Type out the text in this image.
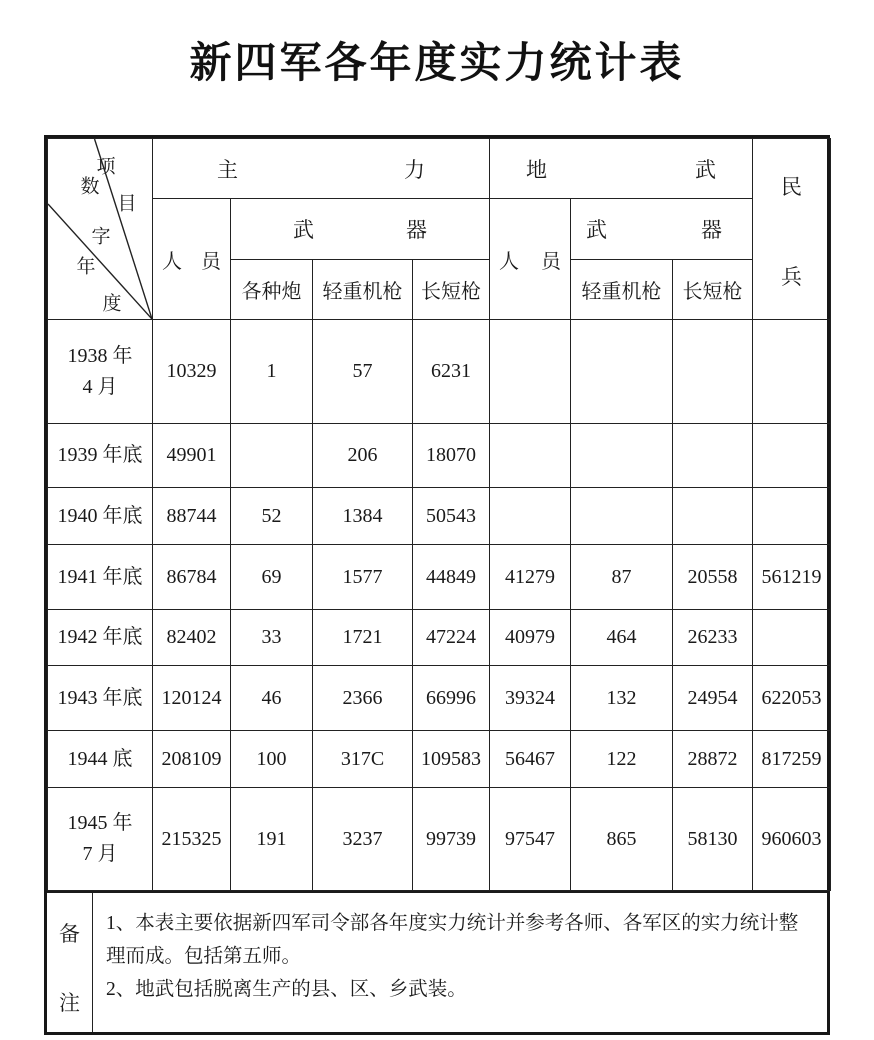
新四军各年度实力统计表
项
目
数
字
年
度

主力	地武

民
兵

	人员	武器			人员	武器		

		各种炮	轻重机枪	长短枪		轻重机枪	长短枪	

1938 年
4 月	10329	1	57	6231				

1939 年底	49901		206	18070				

1940 年底	88744	52	1384	50543				

1941 年底	86784	69	1577	44849	41279	87	20558	561219

1942 年底	82402	33	1721	47224	40979	464	26233	

1943 年底	120124	46	2366	66996	39324	132	24954	622053

1944 底	208109	100	317C	109583	56467	122	28872	817259

1945 年
7 月	215325	191	3237	99739	97547	865	58130	960603
备
注

1、本表主要依据新四军司令部各年度实力统计并参考各师、各军区的实力统计整理而成。包括第五师。

2、地武包括脱离生产的县、区、乡武装。
